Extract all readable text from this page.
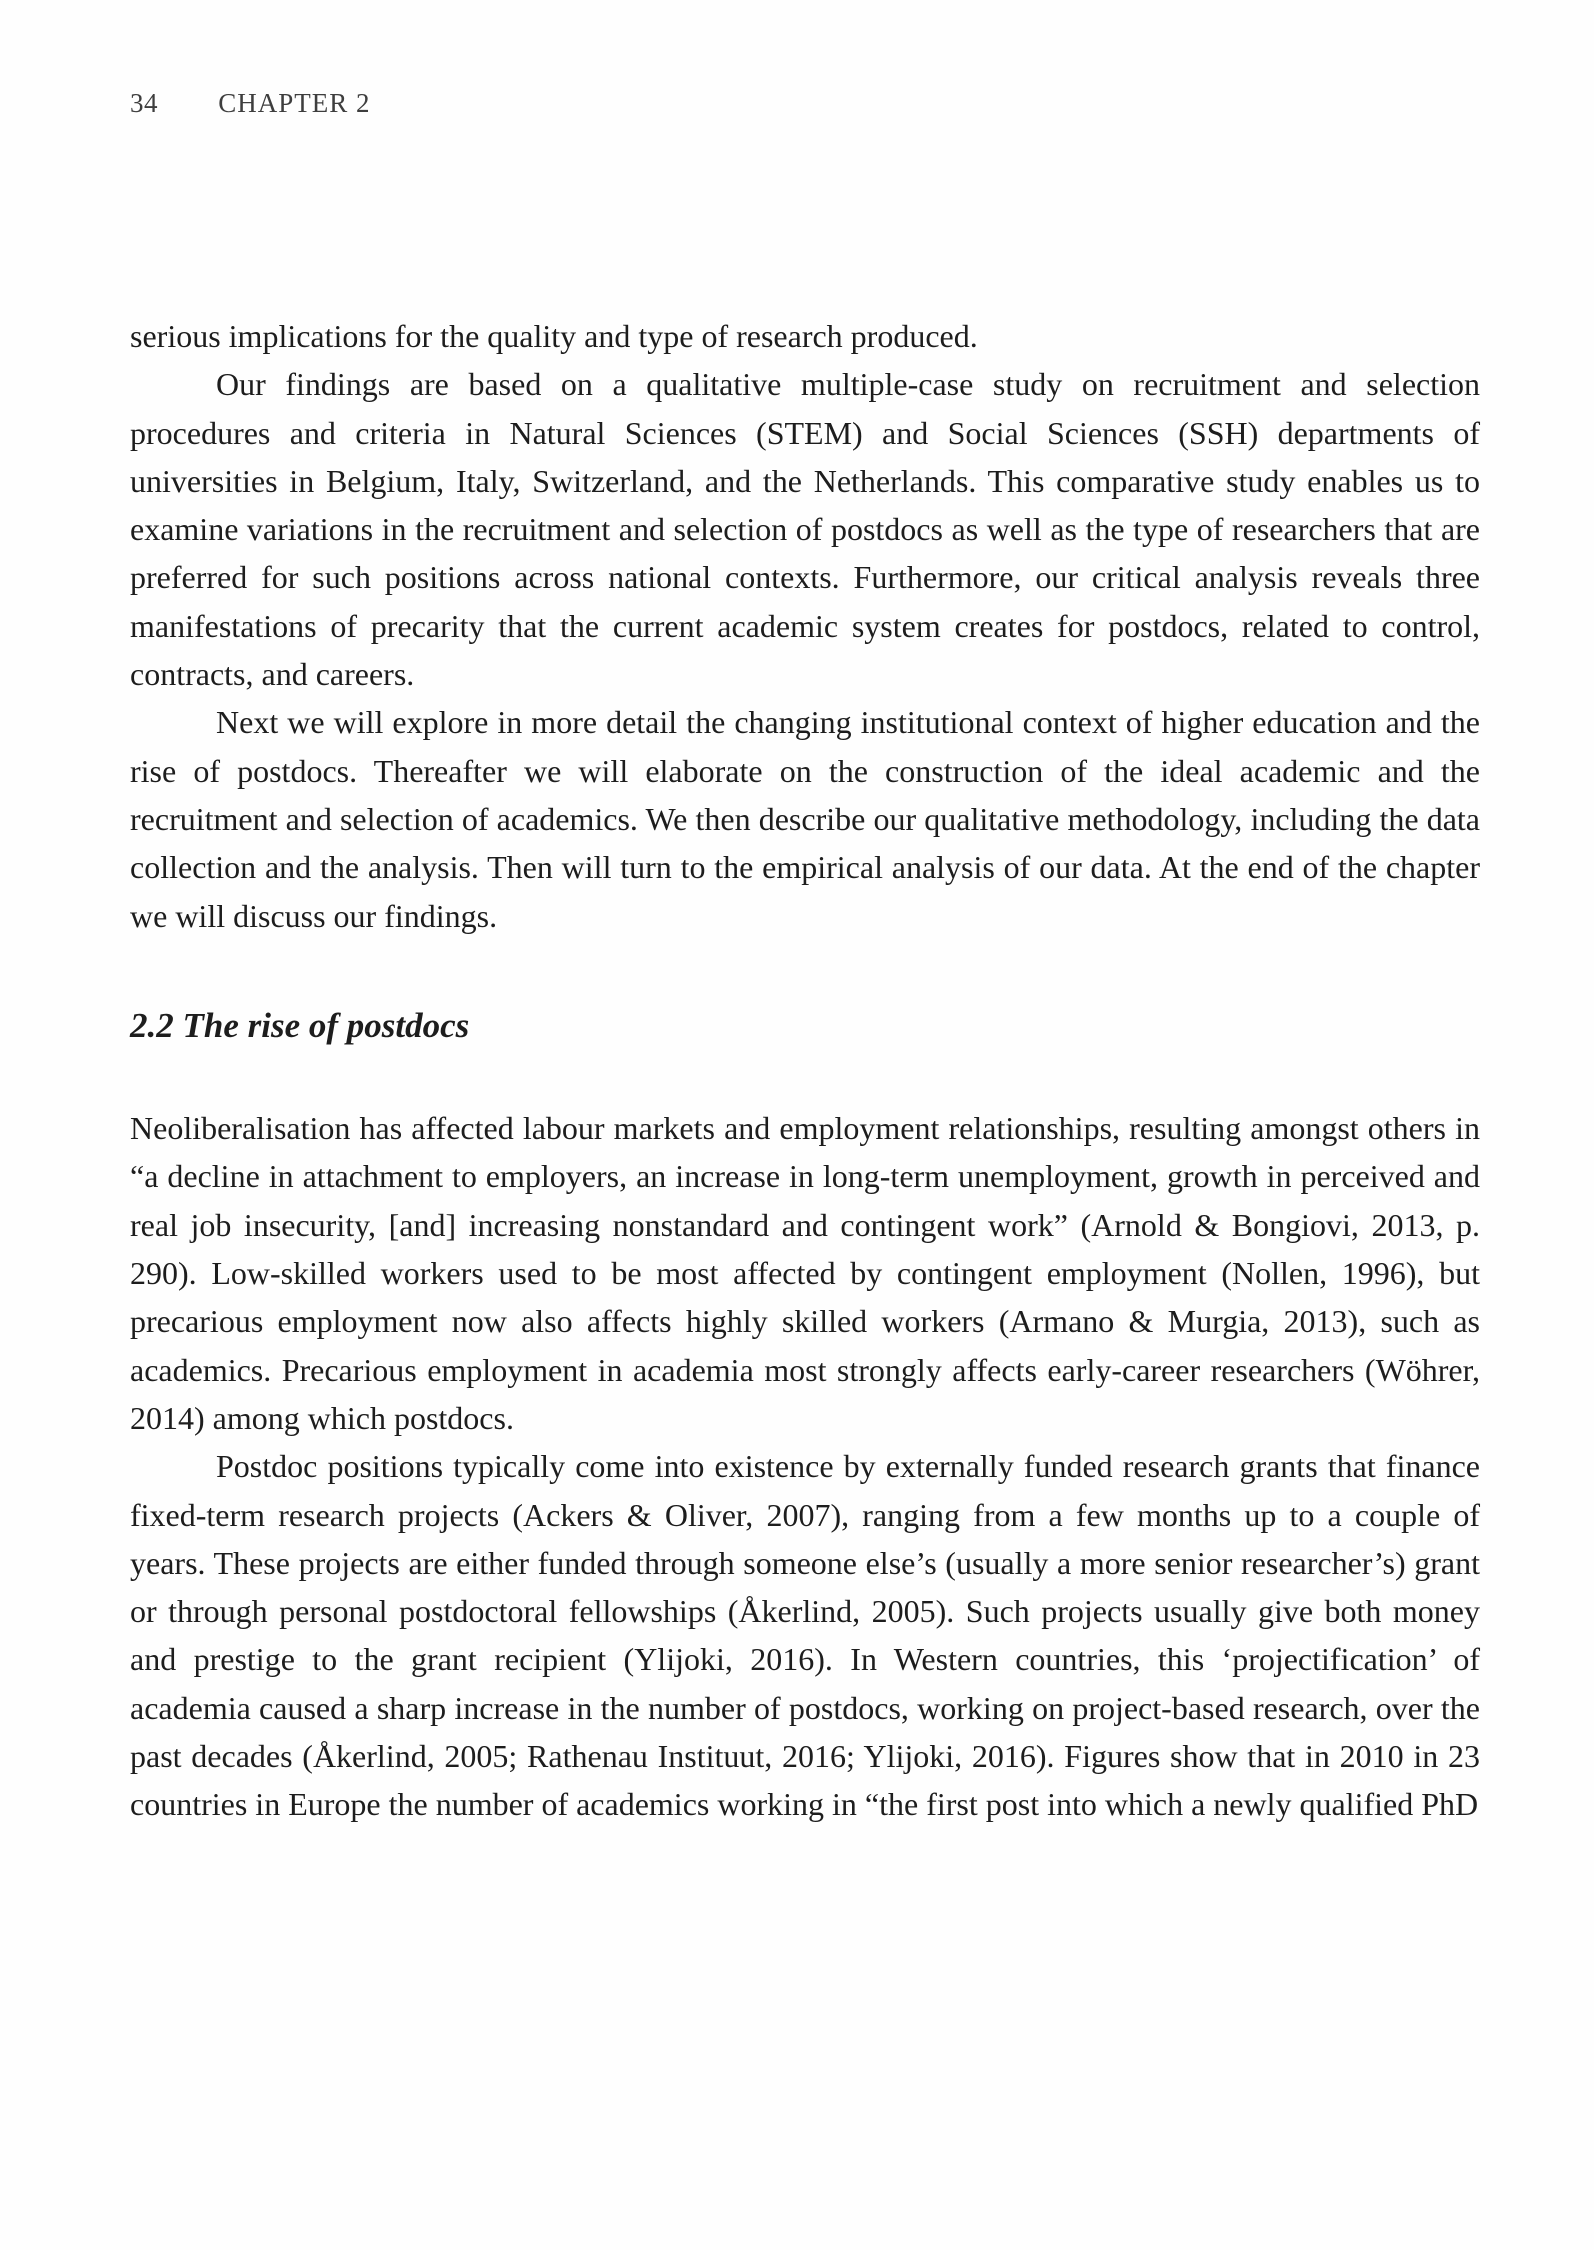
34 CHAPTER 2

serious implications for the quality and type of research produced.

Our findings are based on a qualitative multiple-case study on recruitment and selection procedures and criteria in Natural Sciences (STEM) and Social Sciences (SSH) departments of universities in Belgium, Italy, Switzerland, and the Netherlands. This comparative study enables us to examine variations in the recruitment and selection of postdocs as well as the type of researchers that are preferred for such positions across national contexts. Furthermore, our critical analysis reveals three manifestations of precarity that the current academic system creates for postdocs, related to control, contracts, and careers.

Next we will explore in more detail the changing institutional context of higher education and the rise of postdocs. Thereafter we will elaborate on the construction of the ideal academic and the recruitment and selection of academics. We then describe our qualitative methodology, including the data collection and the analysis. Then will turn to the empirical analysis of our data. At the end of the chapter we will discuss our findings.

2.2 The rise of postdocs

Neoliberalisation has affected labour markets and employment relationships, resulting amongst others in “a decline in attachment to employers, an increase in long-term unemployment, growth in perceived and real job insecurity, [and] increasing nonstandard and contingent work” (Arnold & Bongiovi, 2013, p. 290). Low-skilled workers used to be most affected by contingent employment (Nollen, 1996), but precarious employment now also affects highly skilled workers (Armano & Murgia, 2013), such as academics. Precarious employment in academia most strongly affects early-career researchers (Wöhrer, 2014) among which postdocs.

Postdoc positions typically come into existence by externally funded research grants that finance fixed-term research projects (Ackers & Oliver, 2007), ranging from a few months up to a couple of years. These projects are either funded through someone else’s (usually a more senior researcher’s) grant or through personal postdoctoral fellowships (Åkerlind, 2005). Such projects usually give both money and prestige to the grant recipient (Ylijoki, 2016). In Western countries, this ‘projectification’ of academia caused a sharp increase in the number of postdocs, working on project-based research, over the past decades (Åkerlind, 2005; Rathenau Instituut, 2016; Ylijoki, 2016). Figures show that in 2010 in 23 countries in Europe the number of academics working in “the first post into which a newly qualified PhD
